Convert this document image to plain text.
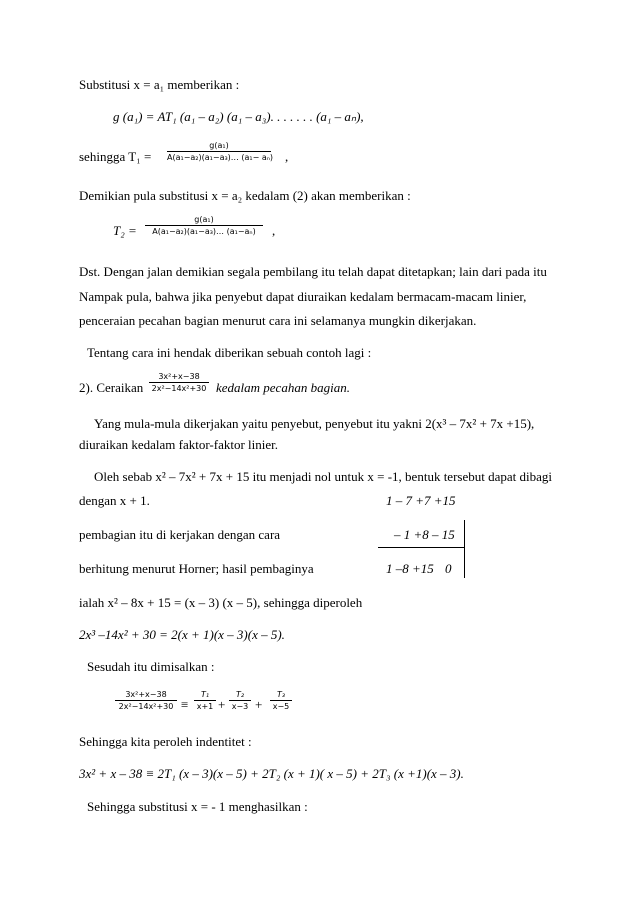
Substitusi x = a₁ memberikan :
g (a₁) = AT₁ (a₁ – a₂) (a₁ – a₃). . . . . . . (a₁ – aₙ),
sehingga T₁ =
g(a₁)
A(a₁−a₂)(a₁−a₃)… (a₁− aₙ) ,
Demikian pula substitusi x = a₂ kedalam (2) akan memberikan :
T₂ =
g(a₁)
A(a₁−a₂)(a₁−a₃)… (a₁−aₙ)	,
Dst. Dengan jalan demikian segala pembilang itu telah dapat ditetapkan; lain dari pada itu
Nampak pula, bahwa jika penyebut dapat diuraikan kedalam bermacam-macam linier,
penceraian pecahan bagian menurut cara ini selamanya mungkin dikerjakan.
Tentang cara ini hendak diberikan sebuah contoh lagi :
2). Ceraikan
3x²+x−38
2x²−14x²+30 kedalam pecahan bagian.
Yang mula-mula dikerjakan yaitu penyebut, penyebut itu yakni 2(x³ – 7x² + 7x +15),
diuraikan kedalam faktor-faktor linier.
Oleh sebab x² – 7x² + 7x + 15 itu menjadi nol untuk x = -1, bentuk tersebut dapat dibagi
dengan x + 1.
pembagian itu di kerjakan dengan cara
berhitung menurut Horner; hasil pembaginya
ialah x² – 8x + 15 = (x – 3) (x – 5), sehingga diperoleh
2x³ –14x² + 30 = 2(x + 1)(x – 3)(x – 5).
1 – 7 +7 +15
– 1 +8 – 15
1 –8 +15 0
Sesudah itu dimisalkan :
3x²+x−38
2x²−14x²+30 ≡
T₁
x+1 +
T₂
x−3 +
T₃
x−5
Sehingga kita peroleh indentitet :
3x² + x – 38 ≡ 2T₁ (x – 3)(x – 5) + 2T₂ (x + 1)( x – 5) + 2T₃ (x +1)(x – 3).
Sehingga substitusi x = - 1 menghasilkan :
